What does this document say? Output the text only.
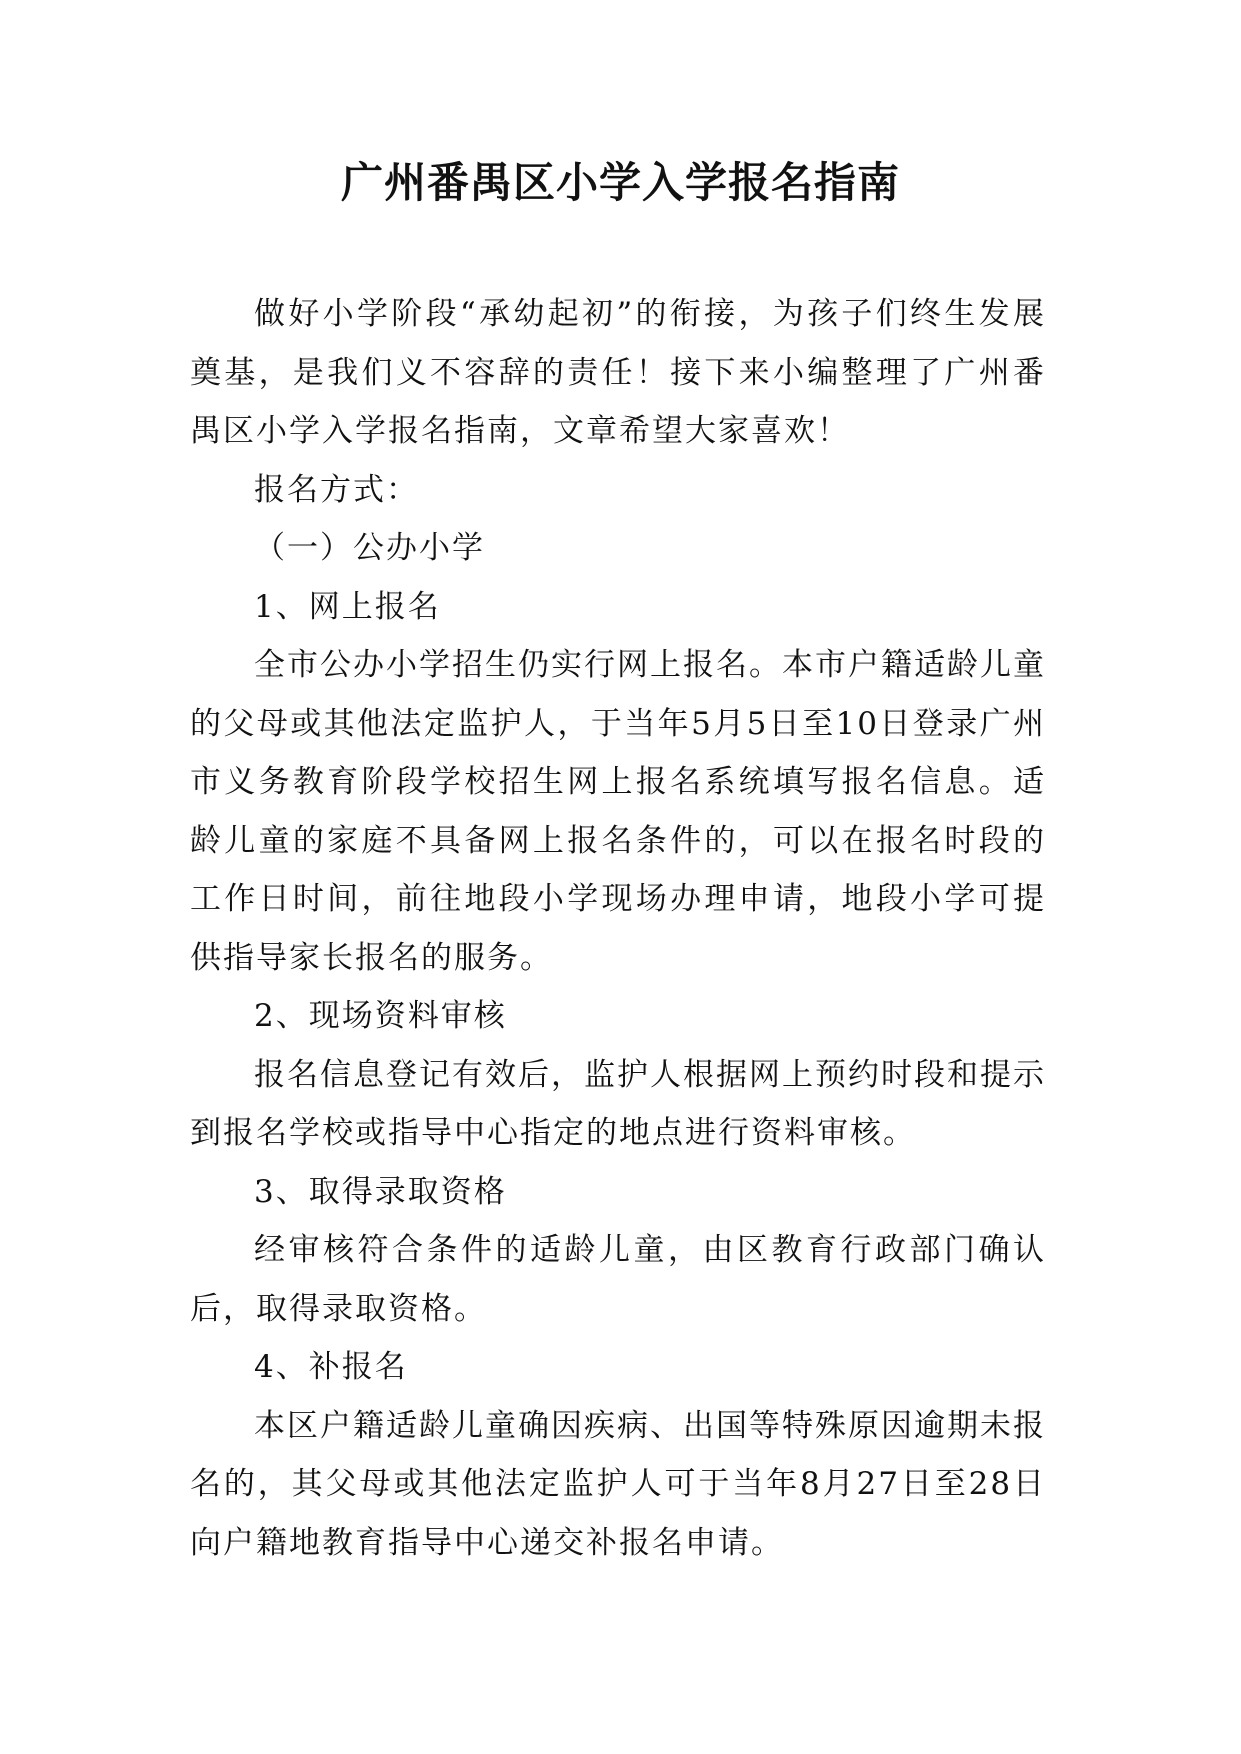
广州番禺区小学入学报名指南

做好小学阶段“承幼起初”的衔接，为孩子们终生发展奠基，是我们义不容辞的责任！接下来小编整理了广州番禺区小学入学报名指南，文章希望大家喜欢！

报名方式：

（一）公办小学

1、网上报名

全市公办小学招生仍实行网上报名。本市户籍适龄儿童的父母或其他法定监护人，于当年5月5日至10日登录广州市义务教育阶段学校招生网上报名系统填写报名信息。适龄儿童的家庭不具备网上报名条件的，可以在报名时段的工作日时间，前往地段小学现场办理申请，地段小学可提供指导家长报名的服务。

2、现场资料审核

报名信息登记有效后，监护人根据网上预约时段和提示到报名学校或指导中心指定的地点进行资料审核。

3、取得录取资格

经审核符合条件的适龄儿童，由区教育行政部门确认后，取得录取资格。

4、补报名

本区户籍适龄儿童确因疾病、出国等特殊原因逾期未报名的，其父母或其他法定监护人可于当年8月27日至28日向户籍地教育指导中心递交补报名申请。
